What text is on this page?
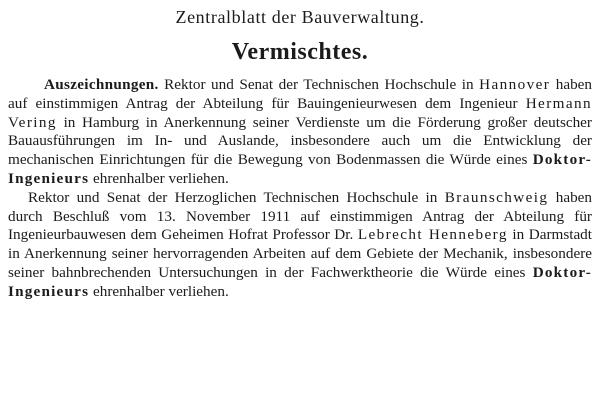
Zentralblatt der Bauverwaltung.
Vermischtes.

Auszeichnungen. Rektor und Senat der Technischen Hochschule in Hannover haben auf einstimmigen Antrag der Abteilung für Bauingenieurwesen dem Ingenieur Hermann Vering in Hamburg in Anerkennung seiner Verdienste um die Förderung großer deutscher Bauausführungen im In- und Auslande, insbesondere auch um die Entwicklung der mechanischen Einrichtungen für die Bewegung von Bodenmassen die Würde eines Doktor-Ingenieurs ehrenhalber verliehen.

Rektor und Senat der Herzoglichen Technischen Hochschule in Braunschweig haben durch Beschluß vom 13. November 1911 auf einstimmigen Antrag der Abteilung für Ingenieurbauwesen dem Geheimen Hofrat Professor Dr. Lebrecht Henneberg in Darmstadt in Anerkennung seiner hervorragenden Arbeiten auf dem Gebiete der Mechanik, insbesondere seiner bahnbrechenden Untersuchungen in der Fachwerktheorie die Würde eines Doktor-Ingenieurs ehrenhalber verliehen.
